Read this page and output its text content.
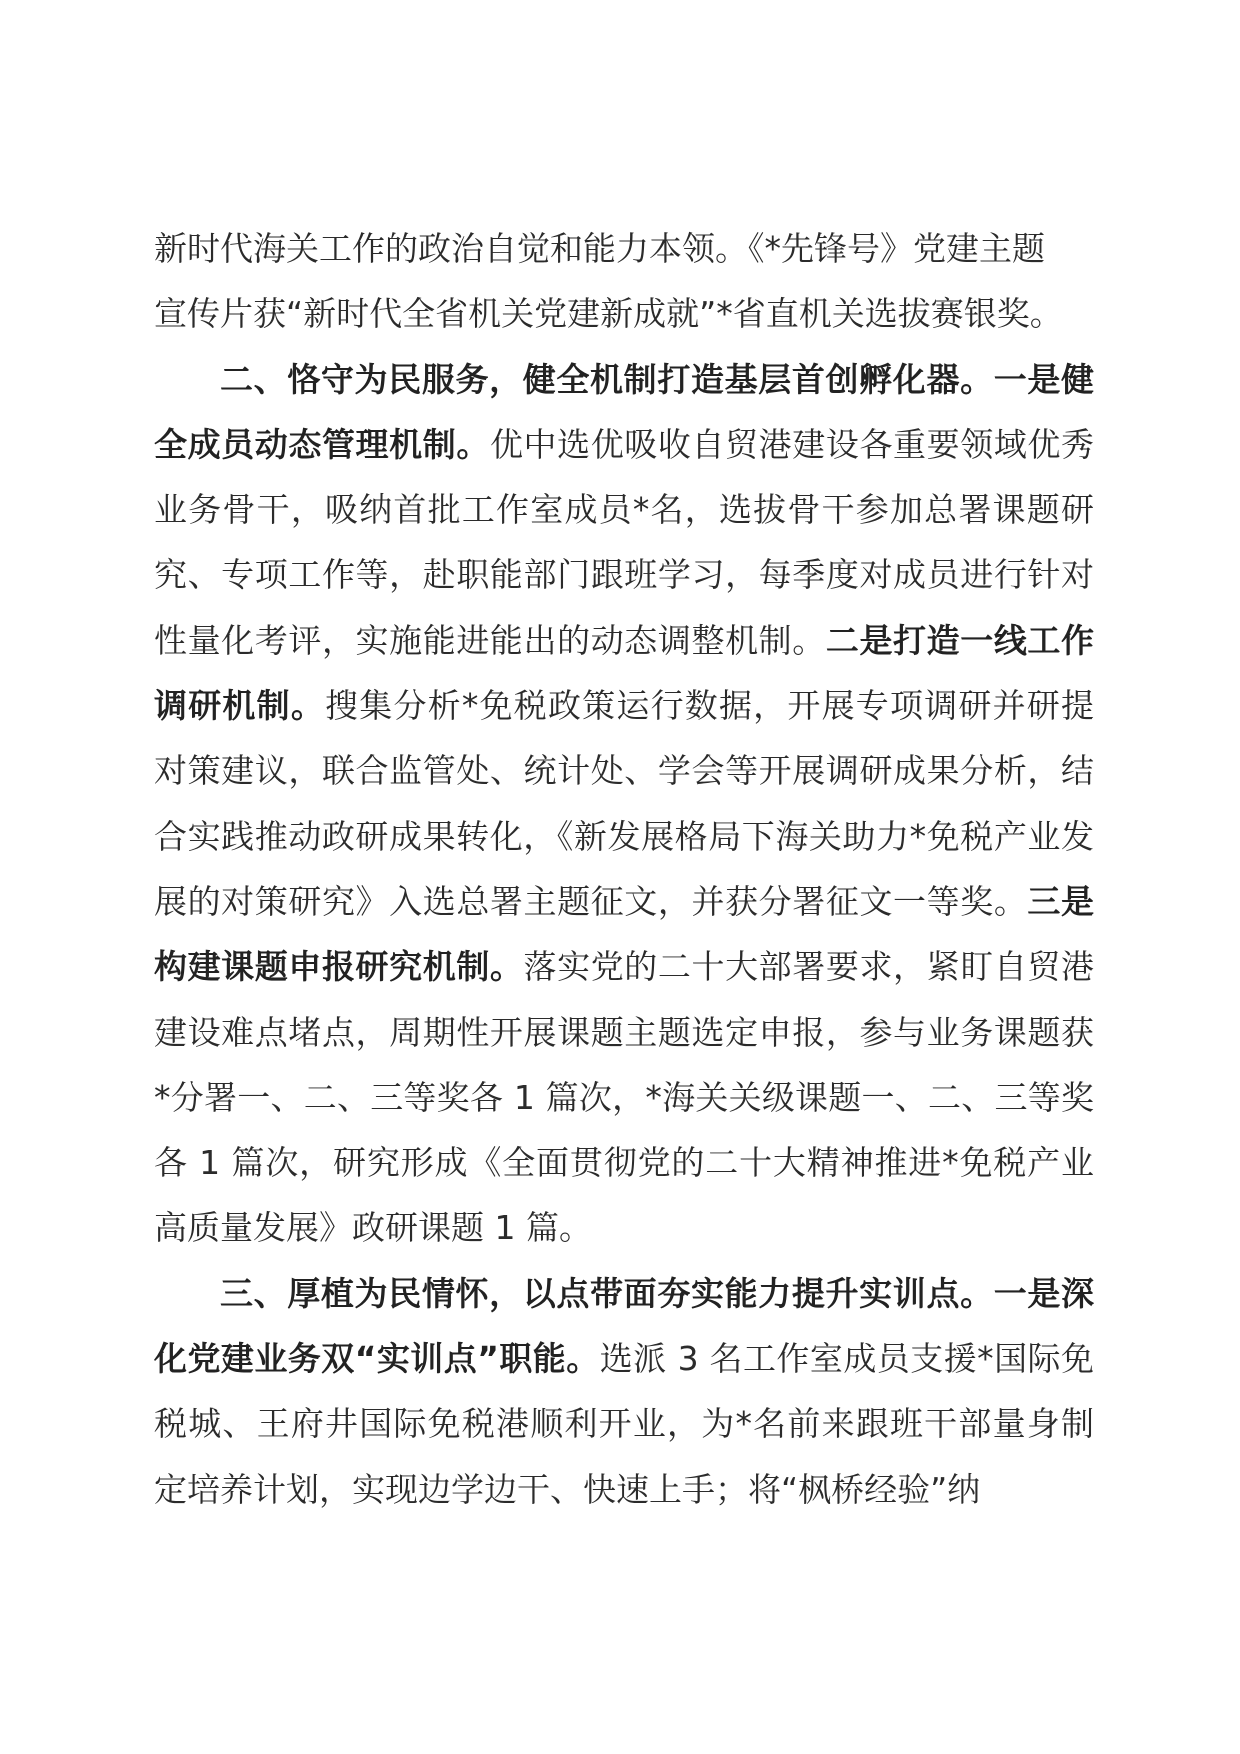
新时代海关工作的政治自觉和能力本领。《*先锋号》党建主题
宣传片获“新时代全省机关党建新成就”*省直机关选拔赛银奖。

二、恪守为民服务，健全机制打造基层首创孵化器。一是健全成员动态管理机制。优中选优吸收自贸港建设各重要领域优秀业务骨干，吸纳首批工作室成员*名，选拔骨干参加总署课题研究、专项工作等，赴职能部门跟班学习，每季度对成员进行针对性量化考评，实施能进能出的动态调整机制。二是打造一线工作调研机制。搜集分析*免税政策运行数据，开展专项调研并研提对策建议，联合监管处、统计处、学会等开展调研成果分析，结合实践推动政研成果转化，《新发展格局下海关助力*免税产业发展的对策研究》入选总署主题征文，并获分署征文一等奖。三是构建课题申报研究机制。落实党的二十大部署要求，紧盯自贸港建设难点堵点，周期性开展课题主题选定申报，参与业务课题获*分署一、二、三等奖各 1 篇次，*海关关级课题一、二、三等奖各 1 篇次，研究形成《全面贯彻党的二十大精神推进*免税产业高质量发展》政研课题 1 篇。

三、厚植为民情怀，以点带面夯实能力提升实训点。一是深化党建业务双“实训点”职能。选派 3 名工作室成员支援*国际免税城、王府井国际免税港顺利开业，为*名前来跟班干部量身制定培养计划，实现边学边干、快速上手；将“枫桥经验”纳
